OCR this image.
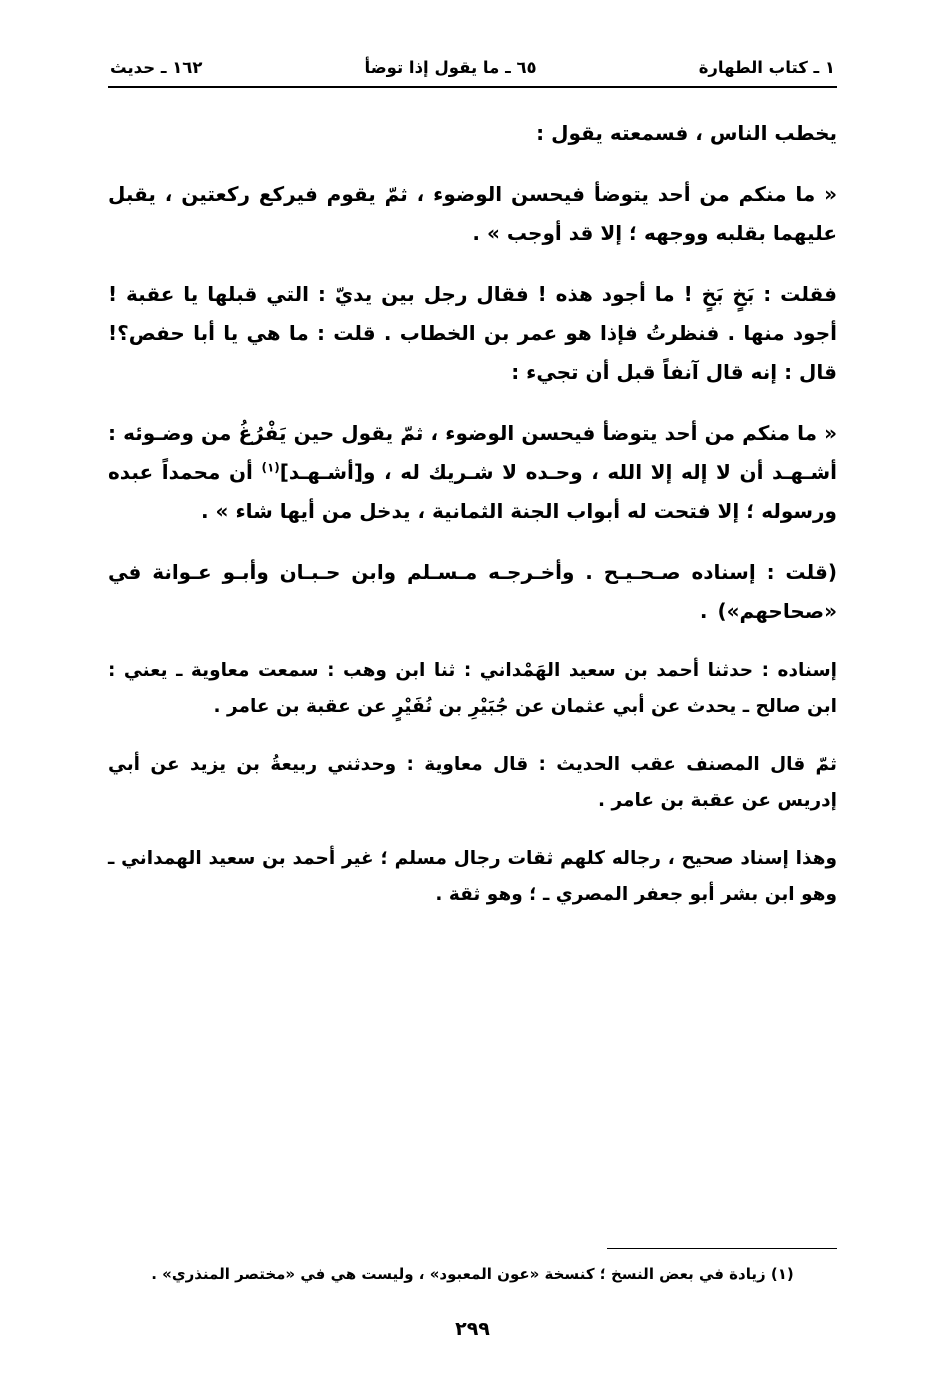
١ ـ كتاب الطهارة
٦٥ ـ ما يقول إذا توضأ
١٦٢ ـ حديث

يخطب الناس ، فسمعته يقول :

« ما منكم من أحد يتوضأ فيحسن الوضوء ، ثمّ يقوم فيركع ركعتين ، يقبل عليهما بقلبه ووجهه ؛ إلا قد أوجب » .

فقلت : بَخٍ بَخٍ ! ما أجود هذه ! فقال رجل بين يديّ : التي قبلها يا عقبة ! أجود منها . فنظرتُ فإذا هو عمر بن الخطاب . قلت : ما هي يا أبا حفص؟! قال : إنه قال آنفاً قبل أن تجيء :

« ما منكم من أحد يتوضأ فيحسن الوضوء ، ثمّ يقول حين يَفْرُغُ من وضـوئه : أشـهـد أن لا إله إلا الله ، وحـده لا شـريك له ، و[أشـهـد]$^{(١)}$ أن محمداً عبده ورسوله ؛ إلا فتحت له أبواب الجنة الثمانية ، يدخل من أيها شاء » .

(قلت : إسناده صـحـيـح . وأخـرجـه مـسـلم وابن حـبـان وأبـو عـوانة في «صحاحهم») .

إسناده : حدثنا أحمد بن سعيد الهَمْداني : ثنا ابن وهب : سمعت معاوية ـ يعني : ابن صالح ـ يحدث عن أبي عثمان عن جُبَيْرِ بن نُفَيْرٍ عن عقبة بن عامر .

ثمّ قال المصنف عقب الحديث : قال معاوية : وحدثني ربيعةُ بن يزيد عن أبي إدريس عن عقبة بن عامر .

وهذا إسناد صحيح ، رجاله كلهم ثقات رجال مسلم ؛ غير أحمد بن سعيد الهمداني ـ وهو ابن بشر أبو جعفر المصري ـ ؛ وهو ثقة .

(١) زيادة في بعض النسخ ؛ كنسخة «عون المعبود» ، وليست هي في «مختصر المنذري» .
٢٩٩
